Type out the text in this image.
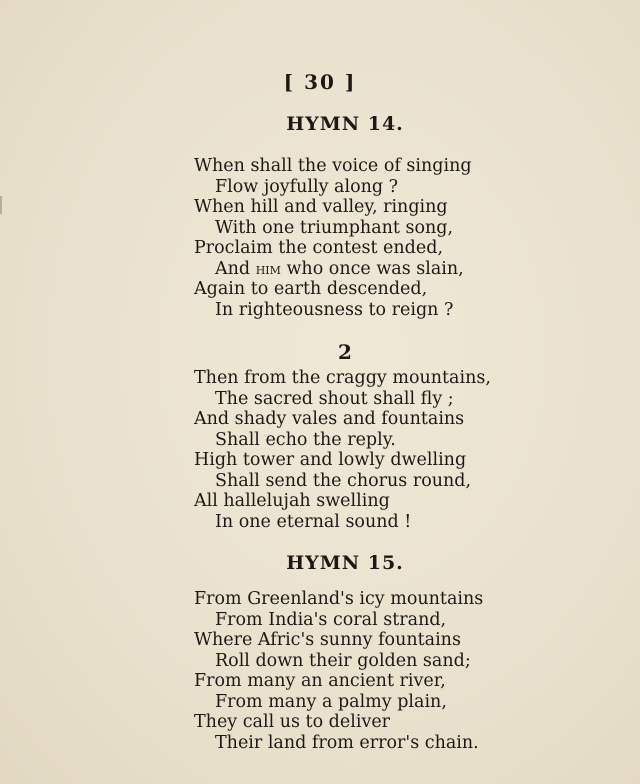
[ 30 ]
HYMN 14.
When shall the voice of singing
Flow joyfully along ?
When hill and valley, ringing
With one triumphant song,
Proclaim the contest ended,
And him who once was slain,
Again to earth descended,
In righteousness to reign ?
2
Then from the craggy mountains,
The sacred shout shall fly ;
And shady vales and fountains
Shall echo the reply.
High tower and lowly dwelling
Shall send the chorus round,
All hallelujah swelling
In one eternal sound !
HYMN 15.
From Greenland's icy mountains
From India's coral strand,
Where Afric's sunny fountains
Roll down their golden sand;
From many an ancient river,
From many a palmy plain,
They call us to deliver
Their land from error's chain.
